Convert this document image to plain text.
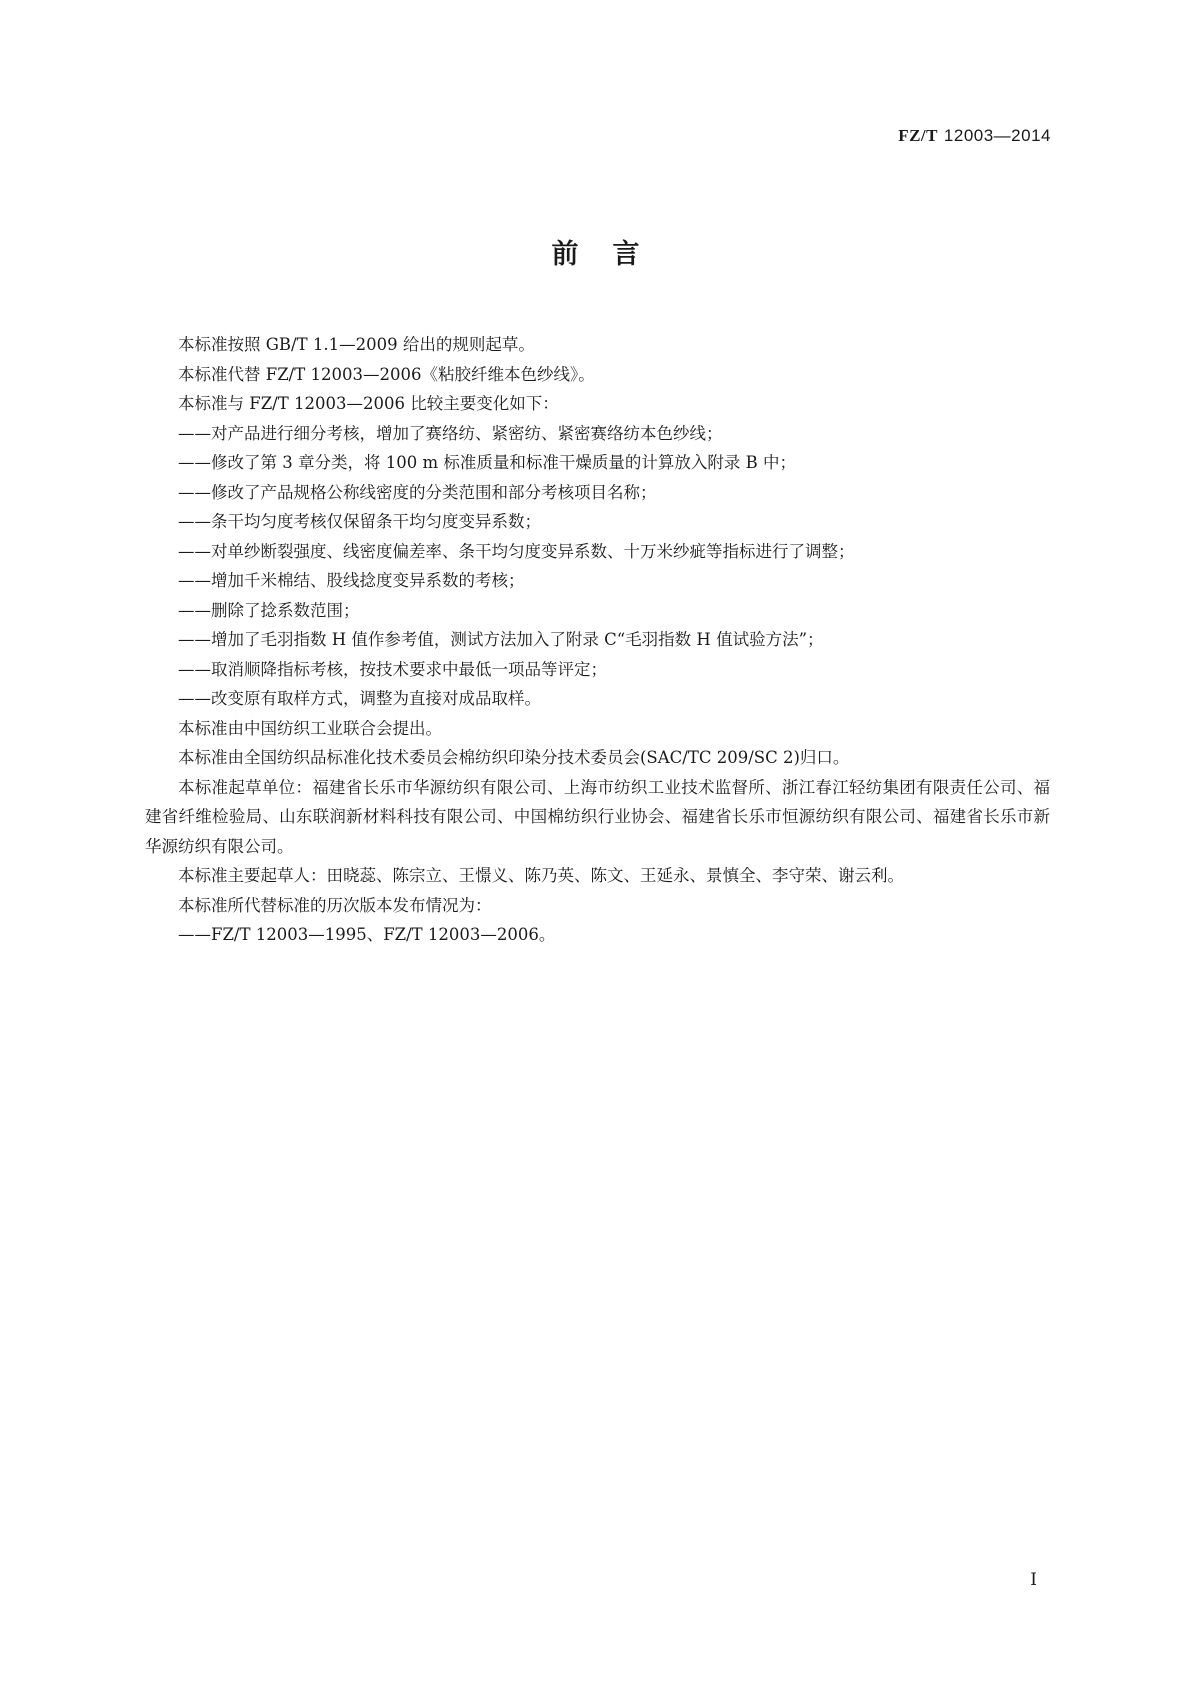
FZ/T 12003—2014
前言

本标准按照 GB/T 1.1—2009 给出的规则起草。

本标准代替 FZ/T 12003—2006《粘胶纤维本色纱线》。

本标准与 FZ/T 12003—2006 比较主要变化如下：

——对产品进行细分考核，增加了赛络纺、紧密纺、紧密赛络纺本色纱线；

——修改了第 3 章分类，将 100 m 标准质量和标准干燥质量的计算放入附录 B 中；

——修改了产品规格公称线密度的分类范围和部分考核项目名称；

——条干均匀度考核仅保留条干均匀度变异系数；

——对单纱断裂强度、线密度偏差率、条干均匀度变异系数、十万米纱疵等指标进行了调整；

——增加千米棉结、股线捻度变异系数的考核；

——删除了捻系数范围；

——增加了毛羽指数 H 值作参考值，测试方法加入了附录 C“毛羽指数 H 值试验方法”；

——取消顺降指标考核，按技术要求中最低一项品等评定；

——改变原有取样方式，调整为直接对成品取样。

本标准由中国纺织工业联合会提出。

本标准由全国纺织品标准化技术委员会棉纺织印染分技术委员会(SAC/TC 209/SC 2)归口。

本标准起草单位：福建省长乐市华源纺织有限公司、上海市纺织工业技术监督所、浙江春江轻纺集团有限责任公司、福建省纤维检验局、山东联润新材料科技有限公司、中国棉纺织行业协会、福建省长乐市恒源纺织有限公司、福建省长乐市新华源纺织有限公司。

本标准主要起草人：田晓蕊、陈宗立、王憬义、陈乃英、陈文、王延永、景慎全、李守荣、谢云利。

本标准所代替标准的历次版本发布情况为：

——FZ/T 12003—1995、FZ/T 12003—2006。

I
